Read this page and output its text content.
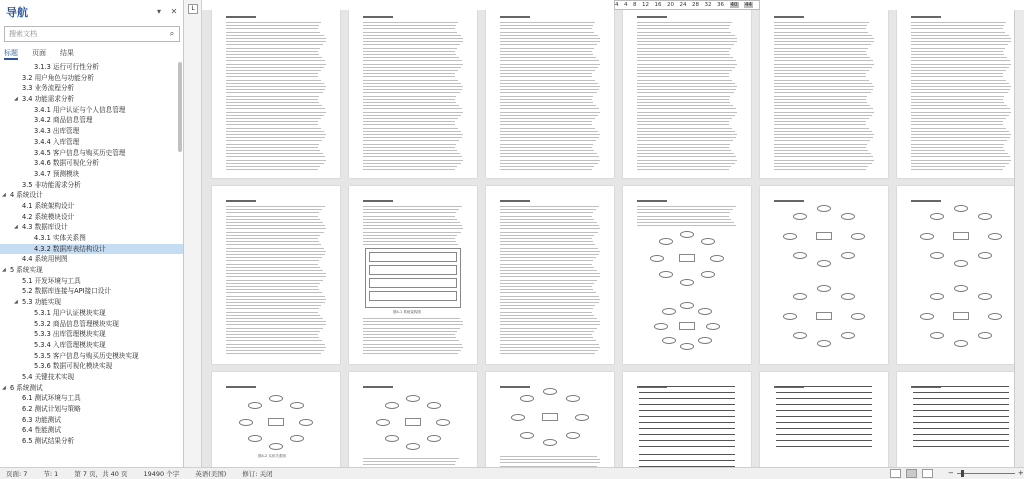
导航	▾	✕
搜索文档
⌕
标题 页面 结果
3.1.3 运行可行性分析
3.2 用户角色与功能分析
3.3 业务流程分析
◢ 3.4 功能需求分析
3.4.1 用户认证与个人信息管理
3.4.2 商品信息管理
3.4.3 出库管理
3.4.4 入库管理
3.4.5 客户信息与购买历史管理
3.4.6 数据可视化分析
3.4.7 预测模块
3.5 非功能需求分析
◢ 4 系统设计
4.1 系统架构设计
4.2 系统模块设计
◢ 4.3 数据库设计
4.3.1 实体关系图
4.3.2 数据库表结构设计
4.4 系统用例图
◢ 5 系统实现
5.1 开发环境与工具
5.2 数据库连接与API接口设计
◢ 5.3 功能实现
5.3.1 用户认证模块实现
5.3.2 商品信息管理模块实现
5.3.3 出库管理模块实现
5.3.4 入库管理模块实现
5.3.5 客户信息与购买历史模块实现
5.3.6 数据可视化模块实现
5.4 关键技术实现
◢ 6 系统测试
6.1 测试环境与工具
6.2 测试计划与策略
6.3 功能测试
6.4 性能测试
6.5 测试结果分析
L	4 4 8 12 16 20 24 28 32 36 40 44
图4-1 系统架构图
图4-2 实体关系图
页面: 7 节: 1 第 7 页，共 40 页 19490 个字 英语(美国) 修订: 关闭	−	+
